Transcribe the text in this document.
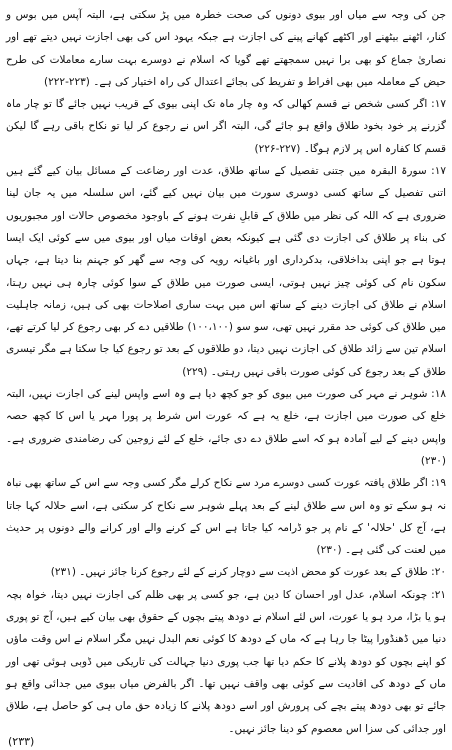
جن کی وجہ سے میاں اور بیوی دونوں کی صحت خطرہ میں پڑ سکتی ہے، البتہ آپس میں بوس و کنار، اٹھنے بیٹھنے اور اکٹھے کھانے پینے کی اجازت ہے جبکہ یہود اس کی بھی اجازت نہیں دیتے تھے اور نصاریٰ جماع کو بھی برا نہیں سمجھتے تھے گویا کہ اسلام نے دوسرے بہت سارے معاملات کی طرح حیض کے معاملہ میں بھی افراط و تفریط کی بجائے اعتدال کی راہ اختیار کی ہے۔ (۲۲۳-۲۲۲)

۱۷: اگر کسی شخص نے قسم کھالی کہ وہ چار ماہ تک اپنی بیوی کے قریب نہیں جائے گا تو چار ماہ گزرنے پر خود بخود طلاق واقع ہو جائے گی، البتہ اگر اس نے رجوع کر لیا تو نکاح باقی رہے گا لیکن قسم کا کفارہ اس پر لازم ہوگا۔ (۲۲۷-۲۲۶)

۱۷: سورۃ البقرہ میں جتنی تفصیل کے ساتھ طلاق، عدت اور رضاعت کے مسائل بیان کیے گئے ہیں اتنی تفصیل کے ساتھ کسی دوسری سورت میں بیان نہیں کیے گئے، اس سلسلہ میں یہ جان لینا ضروری ہے کہ اللہ کی نظر میں طلاق کے قابلِ نفرت ہونے کے باوجود مخصوص حالات اور مجبوریوں کی بناء پر طلاق کی اجازت دی گئی ہے کیونکہ بعض اوقات میاں اور بیوی میں سے کوئی ایک ایسا ہوتا ہے جو اپنی بداخلاقی، بدکرداری اور باغیانہ رویہ کی وجہ سے گھر کو جہنم بنا دیتا ہے، جہاں سکون نام کی کوئی چیز نہیں ہوتی، ایسی صورت میں طلاق کے سوا کوئی چارہ ہی نہیں رہتا، اسلام نے طلاق کی اجازت دینے کے ساتھ اس میں بہت ساری اصلاحات بھی کی ہیں، زمانہ جاہلیت میں طلاق کی کوئی حد مقرر نہیں تھی، سو سو (۱۰۰،۱۰۰) طلاقیں دے کر بھی رجوع کر لیا کرتے تھے، اسلام تین سے زائد طلاق کی اجازت نہیں دیتا، دو طلاقوں کے بعد تو رجوع کیا جا سکتا ہے مگر تیسری طلاق کے بعد رجوع کی کوئی صورت باقی نہیں رہتی۔ (۲۲۹)

۱۸: شوہر نے مہر کی صورت میں بیوی کو جو کچھ دیا ہے وہ اسے واپس لینے کی اجازت نہیں، البتہ خلع کی صورت میں اجازت ہے، خلع یہ ہے کہ عورت اس شرط پر پورا مہر یا اس کا کچھ حصہ واپس دینے کے لیے آمادہ ہو کہ اسے طلاق دے دی جائے، خلع کے لئے زوجین کی رضامندی ضروری ہے۔ (۲۳۰)

۱۹: اگر طلاق یافتہ عورت کسی دوسرے مرد سے نکاح کرلے مگر کسی وجہ سے اس کے ساتھ بھی نباہ نہ ہو سکے تو وہ اس سے طلاق لینے کے بعد پہلے شوہر سے نکاح کر سکتی ہے، اسے حلالہ کہا جاتا ہے، آج کل 'حلالہ' کے نام پر جو ڈرامہ کیا جاتا ہے اس کے کرنے والے اور کرانے والے دونوں پر حدیث میں لعنت کی گئی ہے۔ (۲۳۰)

۲۰: طلاق کے بعد عورت کو محض اذیت سے دوچار کرنے کے لئے رجوع کرنا جائز نہیں۔ (۲۳۱)

۲۱: چونکہ اسلام، عدل اور احسان کا دین ہے، جو کسی پر بھی ظلم کی اجازت نہیں دیتا، خواہ بچہ ہو یا بڑا، مرد ہو یا عورت، اس لئے اسلام نے دودھ پیتے بچوں کے حقوق بھی بیان کیے ہیں، آج تو پوری دنیا میں ڈھنڈورا پیٹا جا رہا ہے کہ ماں کے دودھ کا کوئی نعم البدل نہیں مگر اسلام نے اس وقت ماؤں کو اپنے بچوں کو دودھ پلانے کا حکم دیا تھا جب پوری دنیا جہالت کی تاریکی میں ڈوبی ہوئی تھی اور ماں کے دودھ کی افادیت سے کوئی بھی واقف نہیں تھا۔ اگر بالفرض میاں بیوی میں جدائی واقع ہو جائے تو بھی دودھ پیتے بچے کی پرورش اور اسے دودھ پلانے کا زیادہ حق ماں ہی کو حاصل ہے، طلاق اور جدائی کی سزا اس معصوم کو دینا جائز نہیں۔

(۲۳۳)
